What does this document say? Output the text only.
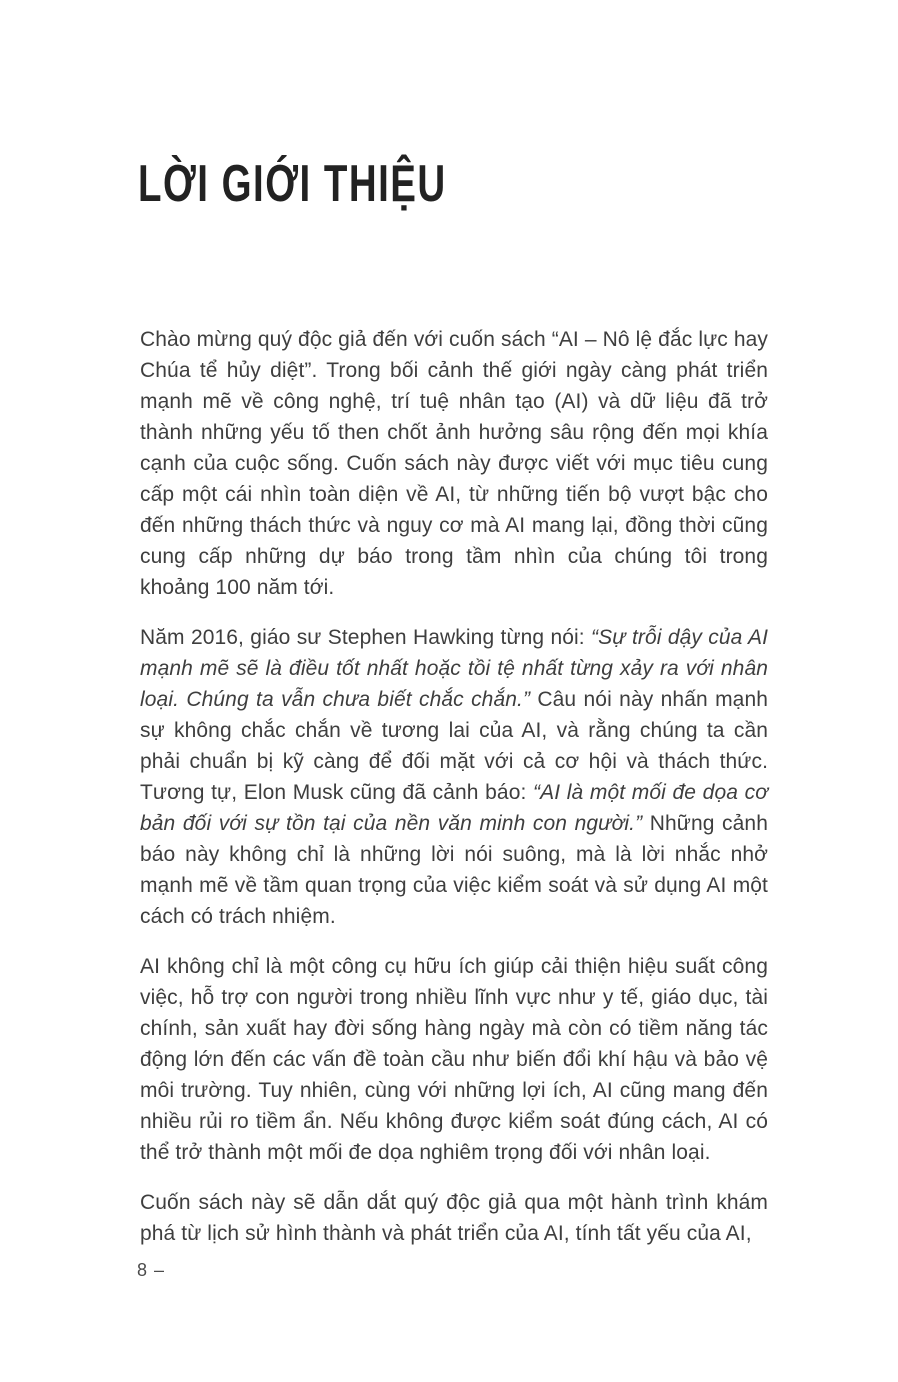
LỜI GIỚI THIỆU

Chào mừng quý độc giả đến với cuốn sách “AI – Nô lệ đắc lực hay Chúa tể hủy diệt”. Trong bối cảnh thế giới ngày càng phát triển mạnh mẽ về công nghệ, trí tuệ nhân tạo (AI) và dữ liệu đã trở thành những yếu tố then chốt ảnh hưởng sâu rộng đến mọi khía cạnh của cuộc sống. Cuốn sách này được viết với mục tiêu cung cấp một cái nhìn toàn diện về AI, từ những tiến bộ vượt bậc cho đến những thách thức và nguy cơ mà AI mang lại, đồng thời cũng cung cấp những dự báo trong tầm nhìn của chúng tôi trong khoảng 100 năm tới.

Năm 2016, giáo sư Stephen Hawking từng nói: “Sự trỗi dậy của AI mạnh mẽ sẽ là điều tốt nhất hoặc tồi tệ nhất từng xảy ra với nhân loại. Chúng ta vẫn chưa biết chắc chắn.” Câu nói này nhấn mạnh sự không chắc chắn về tương lai của AI, và rằng chúng ta cần phải chuẩn bị kỹ càng để đối mặt với cả cơ hội và thách thức. Tương tự, Elon Musk cũng đã cảnh báo: “AI là một mối đe dọa cơ bản đối với sự tồn tại của nền văn minh con người.” Những cảnh báo này không chỉ là những lời nói suông, mà là lời nhắc nhở mạnh mẽ về tầm quan trọng của việc kiểm soát và sử dụng AI một cách có trách nhiệm.

AI không chỉ là một công cụ hữu ích giúp cải thiện hiệu suất công việc, hỗ trợ con người trong nhiều lĩnh vực như y tế, giáo dục, tài chính, sản xuất hay đời sống hàng ngày mà còn có tiềm năng tác động lớn đến các vấn đề toàn cầu như biến đổi khí hậu và bảo vệ môi trường. Tuy nhiên, cùng với những lợi ích, AI cũng mang đến nhiều rủi ro tiềm ẩn. Nếu không được kiểm soát đúng cách, AI có thể trở thành một mối đe dọa nghiêm trọng đối với nhân loại.

Cuốn sách này sẽ dẫn dắt quý độc giả qua một hành trình khám phá từ lịch sử hình thành và phát triển của AI, tính tất yếu của AI,

8 –
